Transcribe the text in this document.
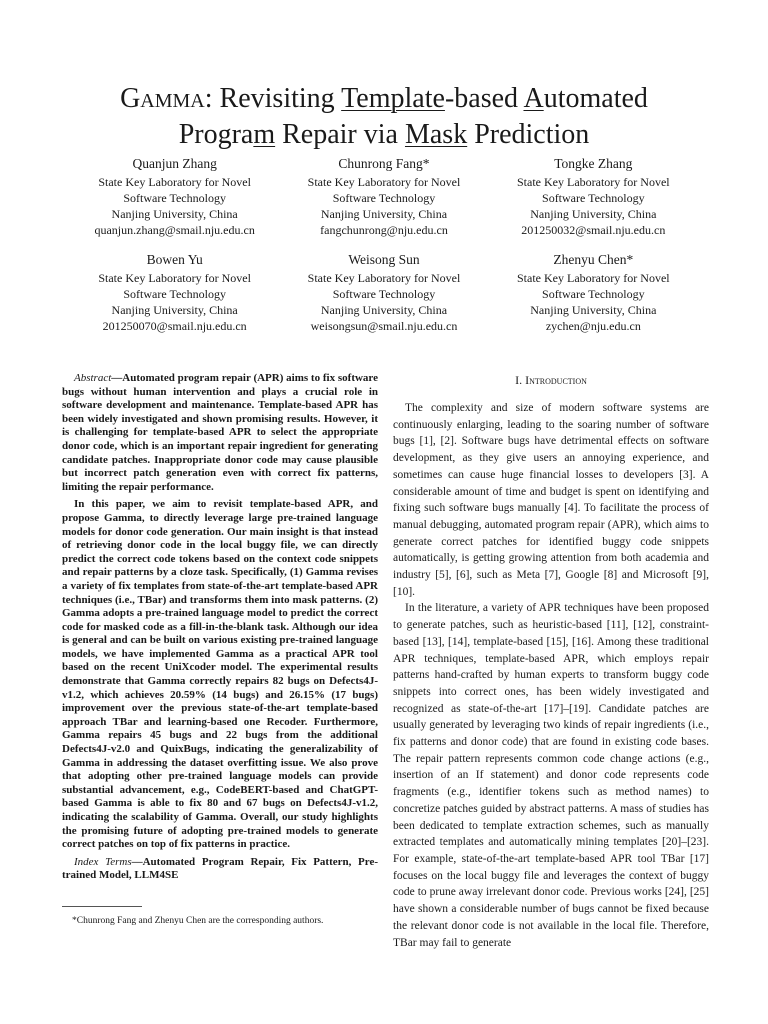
Gamma: Revisiting Template-based Automated
Program Repair via Mask Prediction
Quanjun Zhang
State Key Laboratory for Novel
Software Technology
Nanjing University, China
quanjun.zhang@smail.nju.edu.cn
Chunrong Fang*
State Key Laboratory for Novel
Software Technology
Nanjing University, China
fangchunrong@nju.edu.cn
Tongke Zhang
State Key Laboratory for Novel
Software Technology
Nanjing University, China
201250032@smail.nju.edu.cn
Bowen Yu
State Key Laboratory for Novel
Software Technology
Nanjing University, China
201250070@smail.nju.edu.cn
Weisong Sun
State Key Laboratory for Novel
Software Technology
Nanjing University, China
weisongsun@smail.nju.edu.cn
Zhenyu Chen*
State Key Laboratory for Novel
Software Technology
Nanjing University, China
zychen@nju.edu.cn

Abstract—Automated program repair (APR) aims to fix software bugs without human intervention and plays a crucial role in software development and maintenance. Template-based APR has been widely investigated and shown promising results. However, it is challenging for template-based APR to select the appropriate donor code, which is an important repair ingredient for generating candidate patches. Inappropriate donor code may cause plausible but incorrect patch generation even with correct fix patterns, limiting the repair performance.

In this paper, we aim to revisit template-based APR, and propose Gamma, to directly leverage large pre-trained language models for donor code generation. Our main insight is that instead of retrieving donor code in the local buggy file, we can directly predict the correct code tokens based on the context code snippets and repair patterns by a cloze task. Specifically, (1) Gamma revises a variety of fix templates from state-of-the-art template-based APR techniques (i.e., TBar) and transforms them into mask patterns. (2) Gamma adopts a pre-trained language model to predict the correct code for masked code as a fill-in-the-blank task. Although our idea is general and can be built on various existing pre-trained language models, we have implemented Gamma as a practical APR tool based on the recent UniXcoder model. The experimental results demonstrate that Gamma correctly repairs 82 bugs on Defects4J-v1.2, which achieves 20.59% (14 bugs) and 26.15% (17 bugs) improvement over the previous state-of-the-art template-based approach TBar and learning-based one Recoder. Furthermore, Gamma repairs 45 bugs and 22 bugs from the additional Defects4J-v2.0 and QuixBugs, indicating the generalizability of Gamma in addressing the dataset overfitting issue. We also prove that adopting other pre-trained language models can provide substantial advancement, e.g., CodeBERT-based and ChatGPT-based Gamma is able to fix 80 and 67 bugs on Defects4J-v1.2, indicating the scalability of Gamma. Overall, our study highlights the promising future of adopting pre-trained models to generate correct patches on top of fix patterns in practice.

Index Terms—Automated Program Repair, Fix Pattern, Pre-trained Model, LLM4SE

*Chunrong Fang and Zhenyu Chen are the corresponding authors.
I. Introduction

The complexity and size of modern software systems are continuously enlarging, leading to the soaring number of software bugs [1], [2]. Software bugs have detrimental effects on software development, as they give users an annoying experience, and sometimes can cause huge financial losses to developers [3]. A considerable amount of time and budget is spent on identifying and fixing such software bugs manually [4]. To facilitate the process of manual debugging, automated program repair (APR), which aims to generate correct patches for identified buggy code snippets automatically, is getting growing attention from both academia and industry [5], [6], such as Meta [7], Google [8] and Microsoft [9], [10].

In the literature, a variety of APR techniques have been proposed to generate patches, such as heuristic-based [11], [12], constraint-based [13], [14], template-based [15], [16]. Among these traditional APR techniques, template-based APR, which employs repair patterns hand-crafted by human experts to transform buggy code snippets into correct ones, has been widely investigated and recognized as state-of-the-art [17]–[19]. Candidate patches are usually generated by leveraging two kinds of repair ingredients (i.e., fix patterns and donor code) that are found in existing code bases. The repair pattern represents common code change actions (e.g., insertion of an If statement) and donor code represents code fragments (e.g., identifier tokens such as method names) to concretize patches guided by abstract patterns. A mass of studies has been dedicated to template extraction schemes, such as manually extracted templates and automatically mining templates [20]–[23]. For example, state-of-the-art template-based APR tool TBar [17] focuses on the local buggy file and leverages the context of buggy code to prune away irrelevant donor code. Previous works [24], [25] have shown a considerable number of bugs cannot be fixed because the relevant donor code is not available in the local file. Therefore, TBar may fail to generate
